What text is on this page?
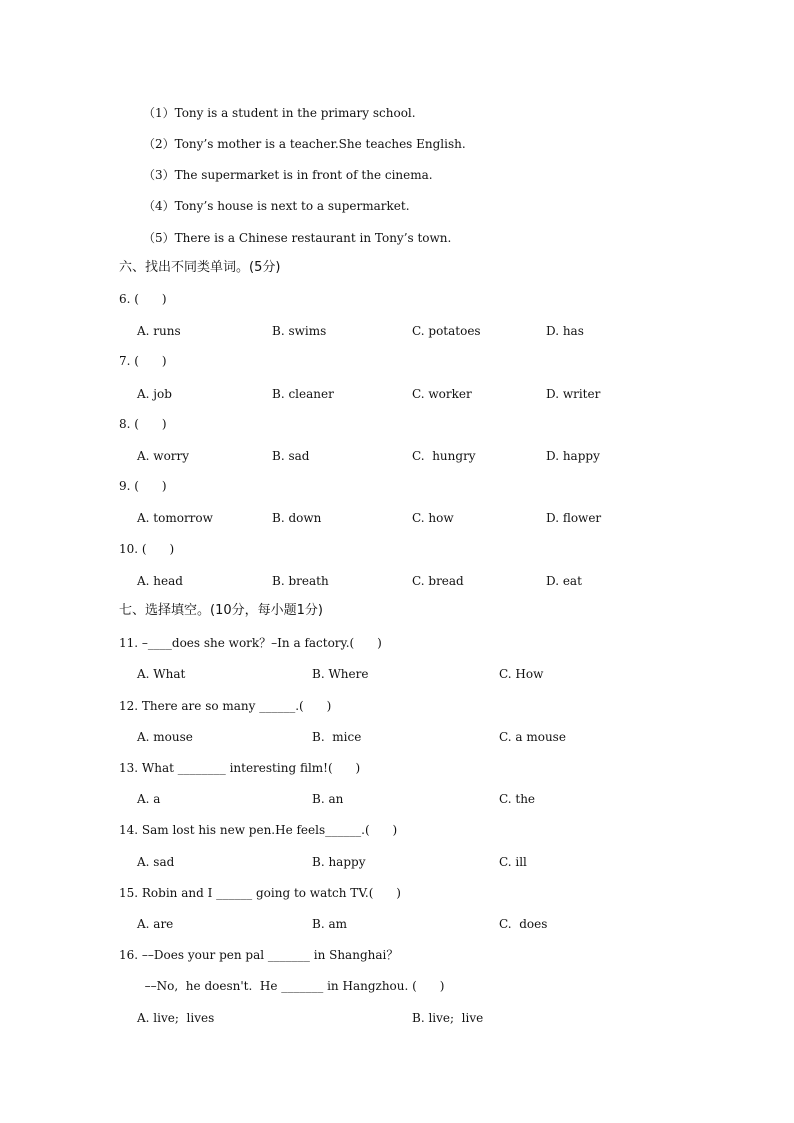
（1）Tony is a student in the primary school.
（2）Tony’s mother is a teacher.She teaches English.
（3）The supermarket is in front of the cinema.
（4）Tony’s house is next to a supermarket.
（5）There is a Chinese restaurant in Tony’s town.
六、找出不同类单词。(5分)
6. (      )
A. runs	B. swims	C. potatoes	D. has
7. (      )
A. job	B. cleaner	C. worker	D. writer
8. (      )
A. worry	B. sad	C.  hungry	D. happy
9. (      )
A. tomorrow	B. down	C. how	D. flower
10. (      )
A. head	B. breath	C. bread	D. eat
七、选择填空。(10分，每小题1分)
11. –____does she work？–In a factory.(      )
A. What	B. Where	C. How
12. There are so many ______.(      )
A. mouse	B.  mice	C. a mouse
13. What ________ interesting film!(      )
A. a	B. an	C. the
14. Sam lost his new pen.He feels______.(      )
A. sad	B. happy	C. ill
15. Robin and I ______ going to watch TV.(      )
A. are	B. am	C.  does
16. ––Does your pen pal _______ in Shanghai？
––No,  he doesn't.  He _______ in Hangzhou. (      )
A. live;  lives	B. live;  live
